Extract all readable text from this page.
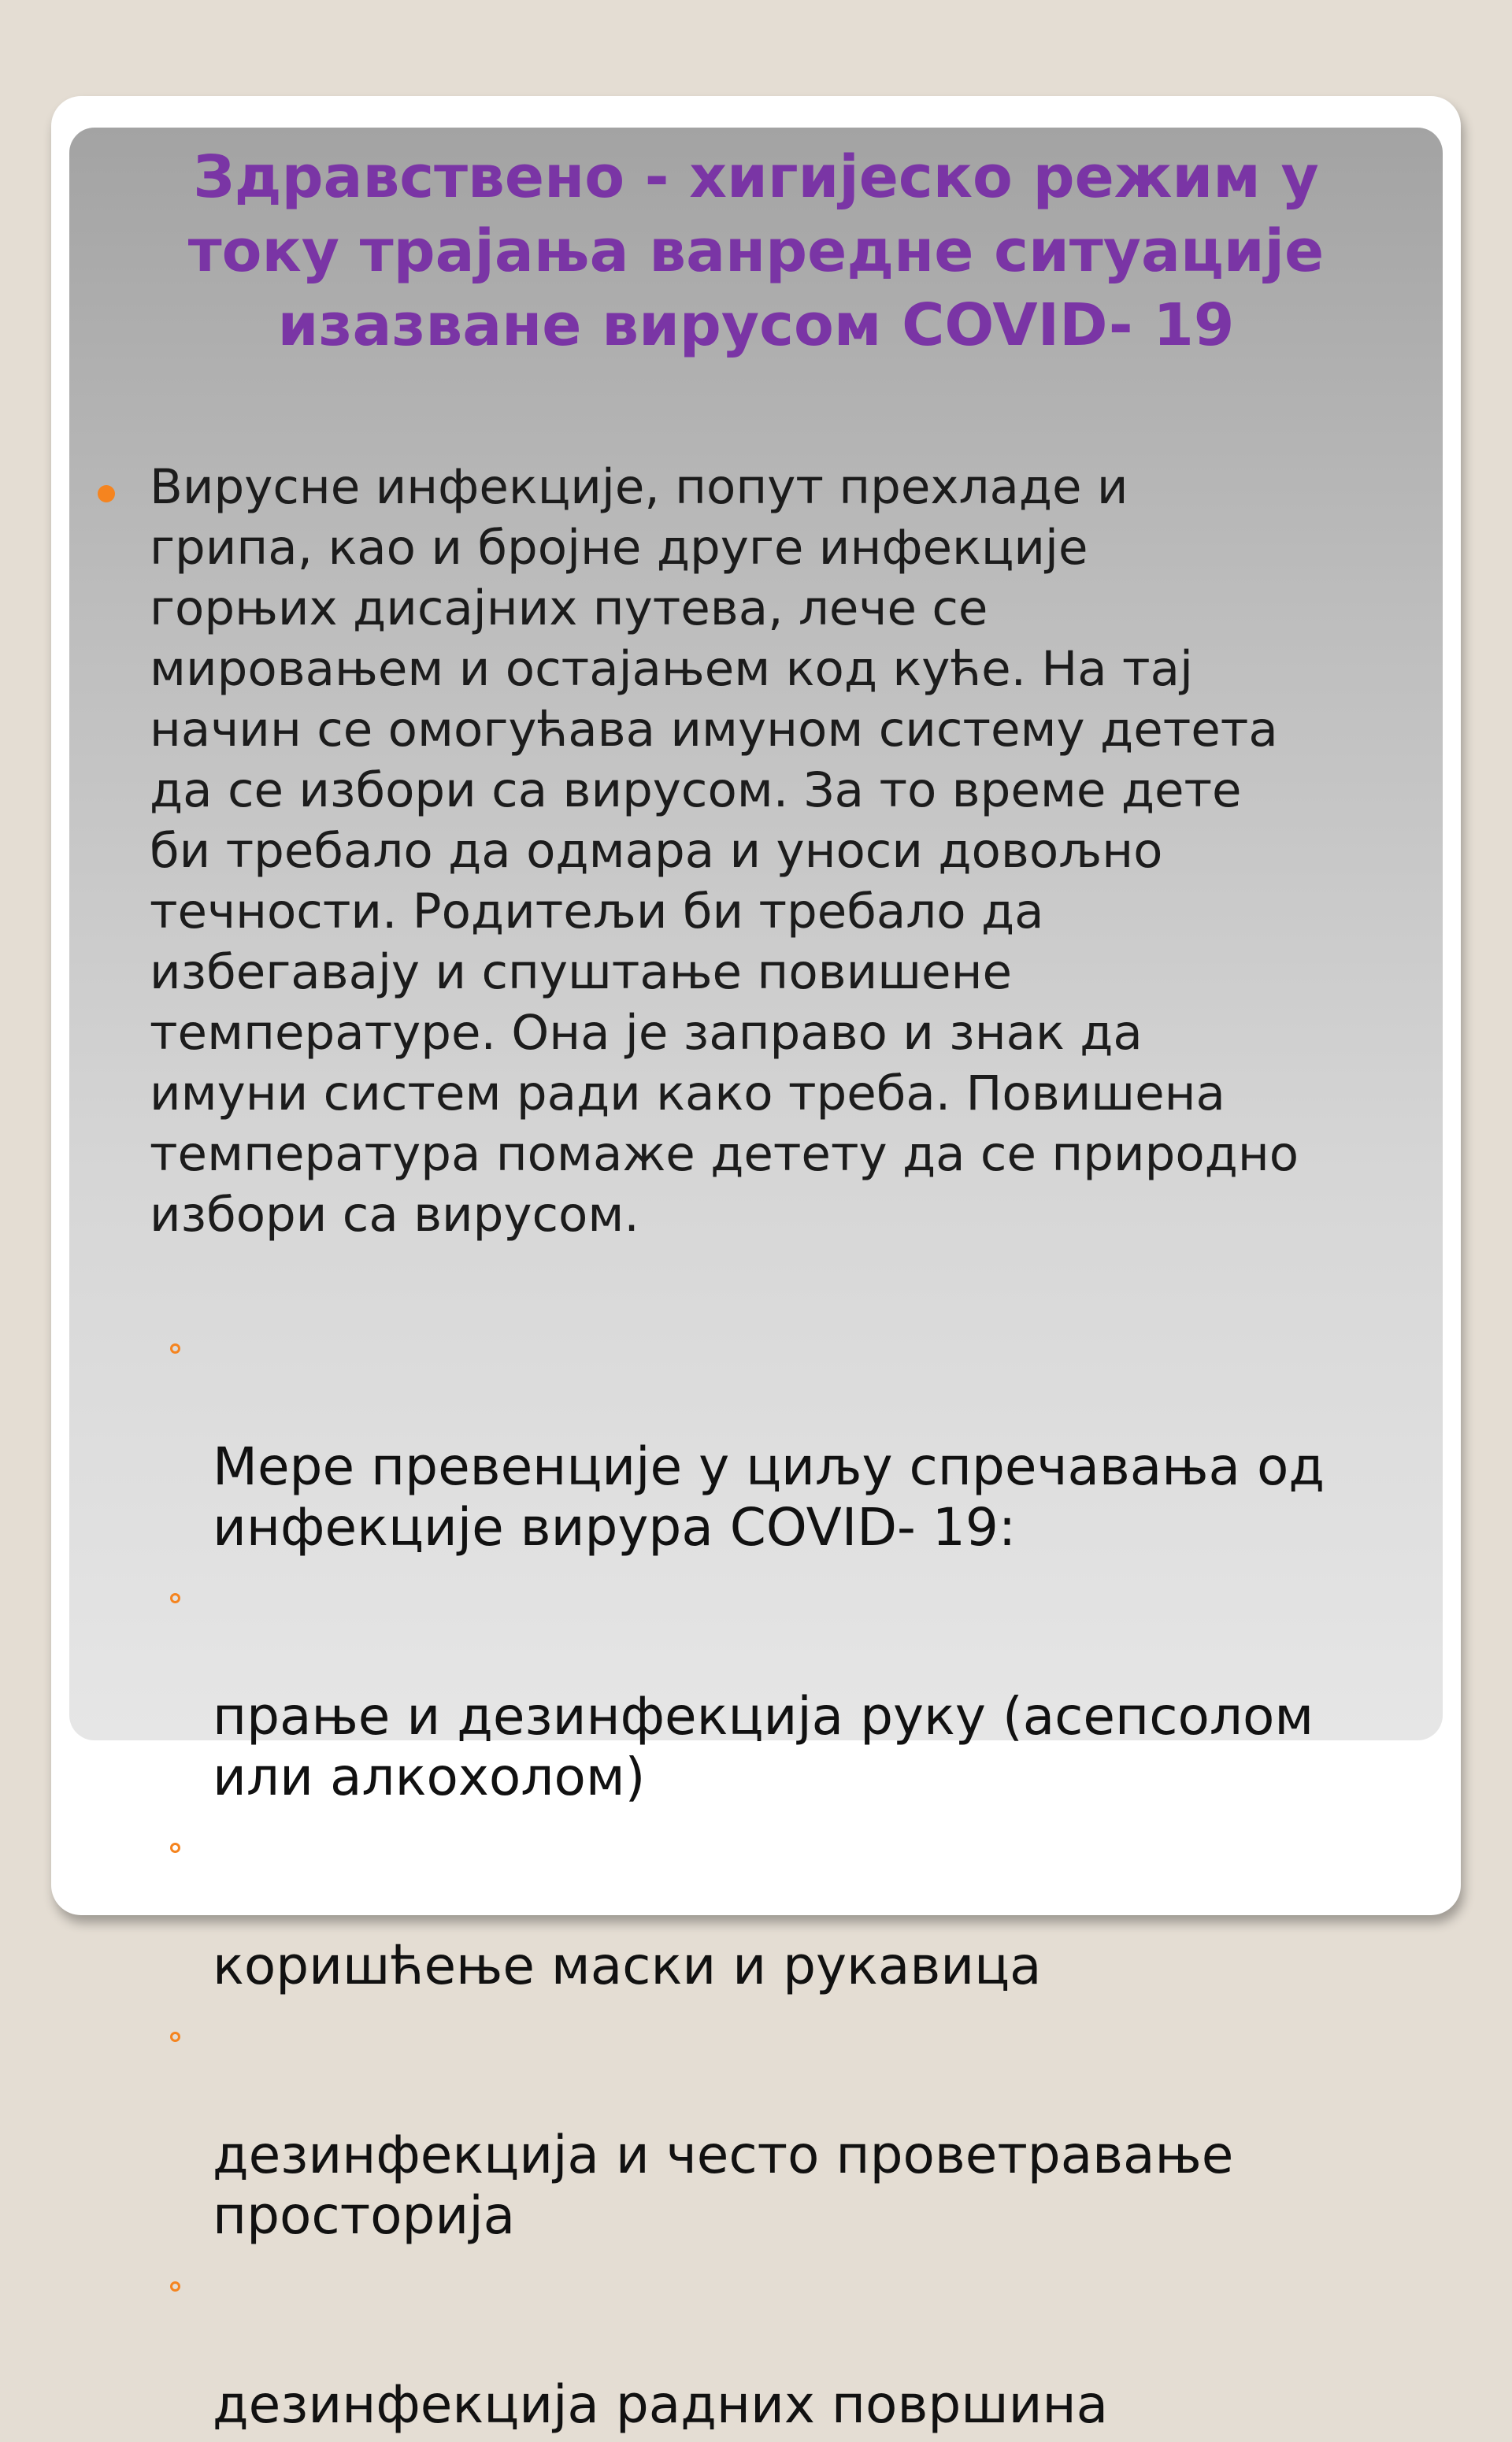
Здравствено - хигијеско режим у
току трајања ванредне ситуације
изазване вирусом COVID- 19

Вирусне инфекције, попут прехладе и
грипа, као и бројне друге инфекције
горњих дисајних путева, лече се
мировањем и остајањем код куће. На тај
начин се омогућава имуном систему детета
да се избори са вирусом. За то време дете
би требало да одмара и уноси довољно
течности. Родитељи би требало да
избегавају и спуштање повишене
температуре. Она је заправо и знак да
имуни систем ради како треба. Повишена
температура помаже детету да се природно
избори са вирусом.

Мере превенције у циљу спречавања од
инфекције вирура COVID- 19:

прање и дезинфекција руку (асепсолом
или алкохолом)

коришћење маски и рукавица

дезинфекција и често проветравање
просторија

дезинфекција радних површина
